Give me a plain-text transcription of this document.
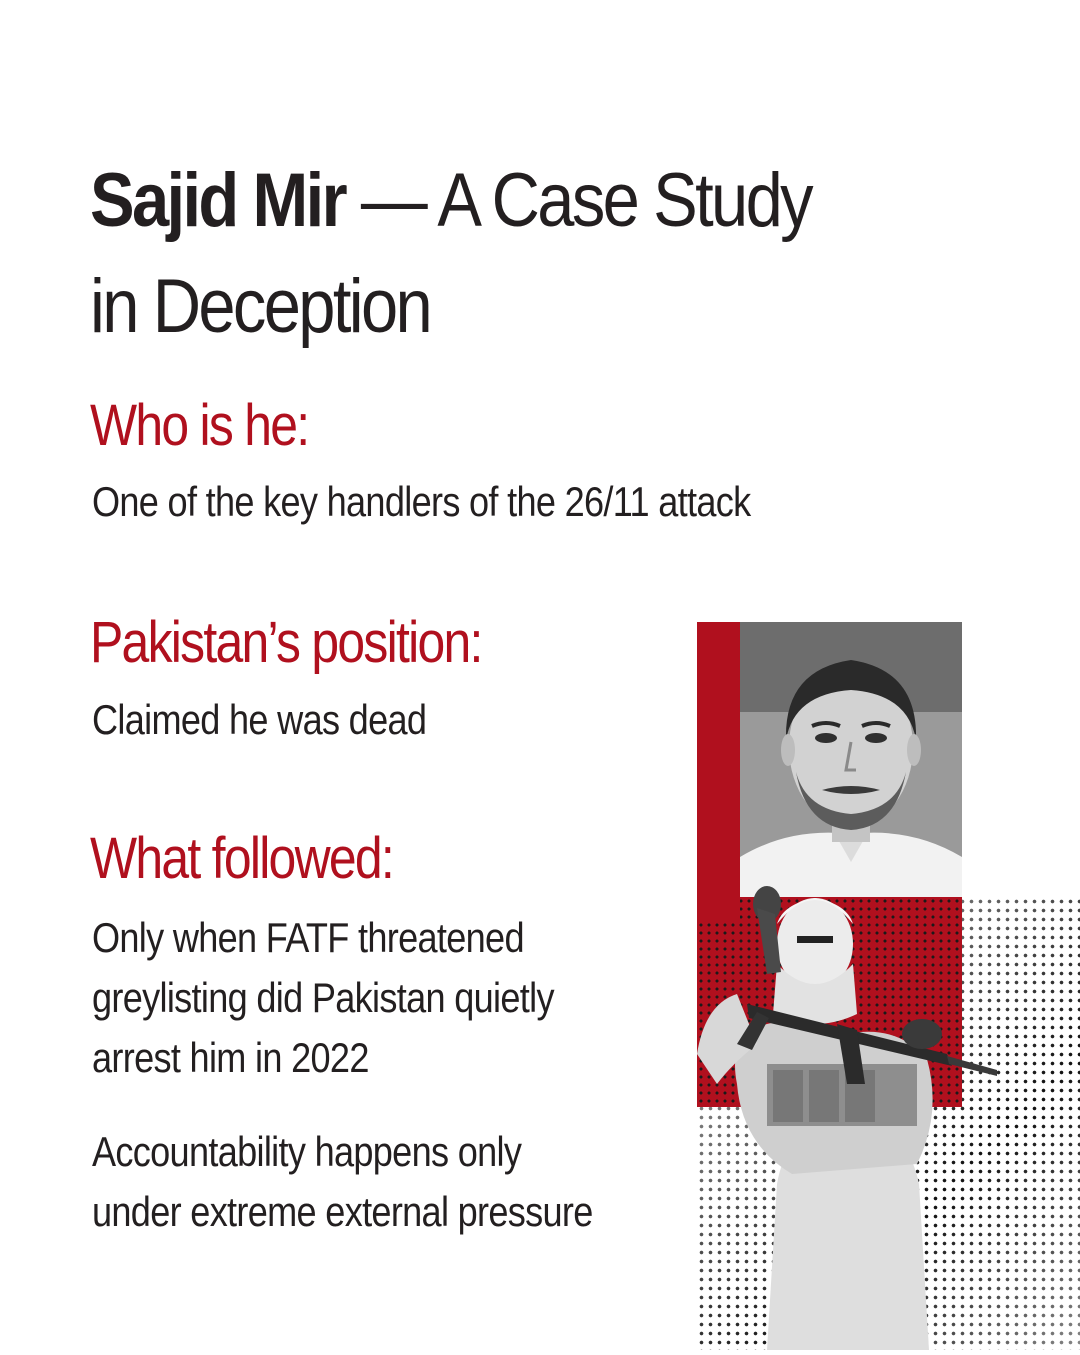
Sajid Mir — A Case Study in Deception
Who is he:

One of the key handlers of the 26/11 attack

Pakistan’s position:

Claimed he was dead

What followed:

Only when FATF threatened

greylisting did Pakistan quietly

arrest him in 2022

Accountability happens only

under extreme external pressure
